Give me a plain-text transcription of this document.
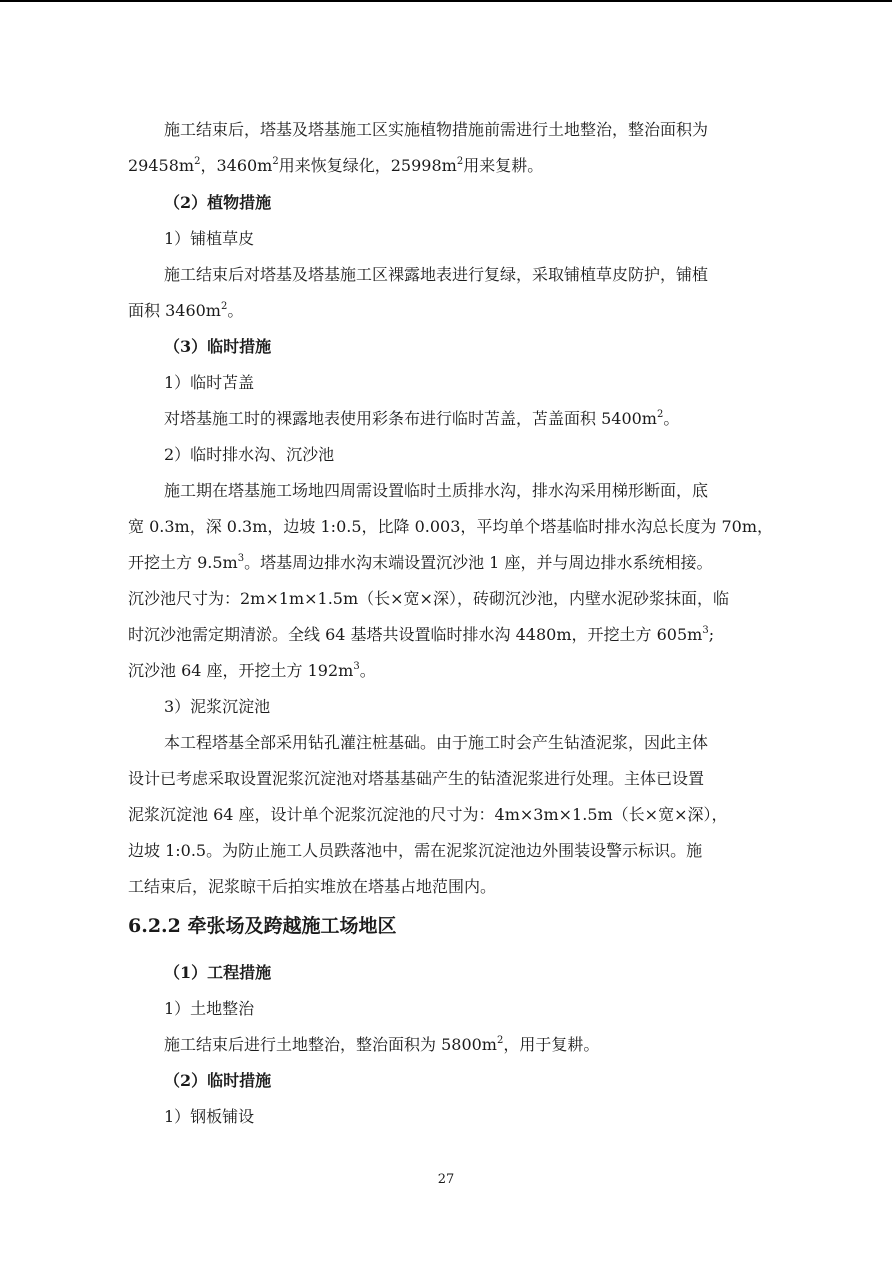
施工结束后，塔基及塔基施工区实施植物措施前需进行土地整治，整治面积为
$29458m^2$，$3460m^2$用来恢复绿化，$25998m^2$用来复耕。
（2）植物措施
1）铺植草皮
施工结束后对塔基及塔基施工区裸露地表进行复绿，采取铺植草皮防护，铺植
面积 $3460m^2$。
（3）临时措施
1）临时苫盖
对塔基施工时的裸露地表使用彩条布进行临时苫盖，苫盖面积 $5400m^2$。
2）临时排水沟、沉沙池
施工期在塔基施工场地四周需设置临时土质排水沟，排水沟采用梯形断面，底
宽 0.3m，深 0.3m，边坡 1:0.5，比降 0.003，平均单个塔基临时排水沟总长度为 70m，
开挖土方 $9.5m^3$。塔基周边排水沟末端设置沉沙池 1 座，并与周边排水系统相接。
沉沙池尺寸为：2m×1m×1.5m（长×宽×深），砖砌沉沙池，内壁水泥砂浆抹面，临
时沉沙池需定期清淤。全线 64 基塔共设置临时排水沟 4480m，开挖土方 $605m^3$;
沉沙池 64 座，开挖土方 $192m^3$。
3）泥浆沉淀池
本工程塔基全部采用钻孔灌注桩基础。由于施工时会产生钻渣泥浆，因此主体
设计已考虑采取设置泥浆沉淀池对塔基基础产生的钻渣泥浆进行处理。主体已设置
泥浆沉淀池 64 座，设计单个泥浆沉淀池的尺寸为：4m×3m×1.5m（长×宽×深），
边坡 1:0.5。为防止施工人员跌落池中，需在泥浆沉淀池边外围装设警示标识。施
工结束后，泥浆晾干后拍实堆放在塔基占地范围内。
6.2.2 牵张场及跨越施工场地区
（1）工程措施
1）土地整治
施工结束后进行土地整治，整治面积为 $5800m^2$，用于复耕。
（2）临时措施
1）钢板铺设
27
